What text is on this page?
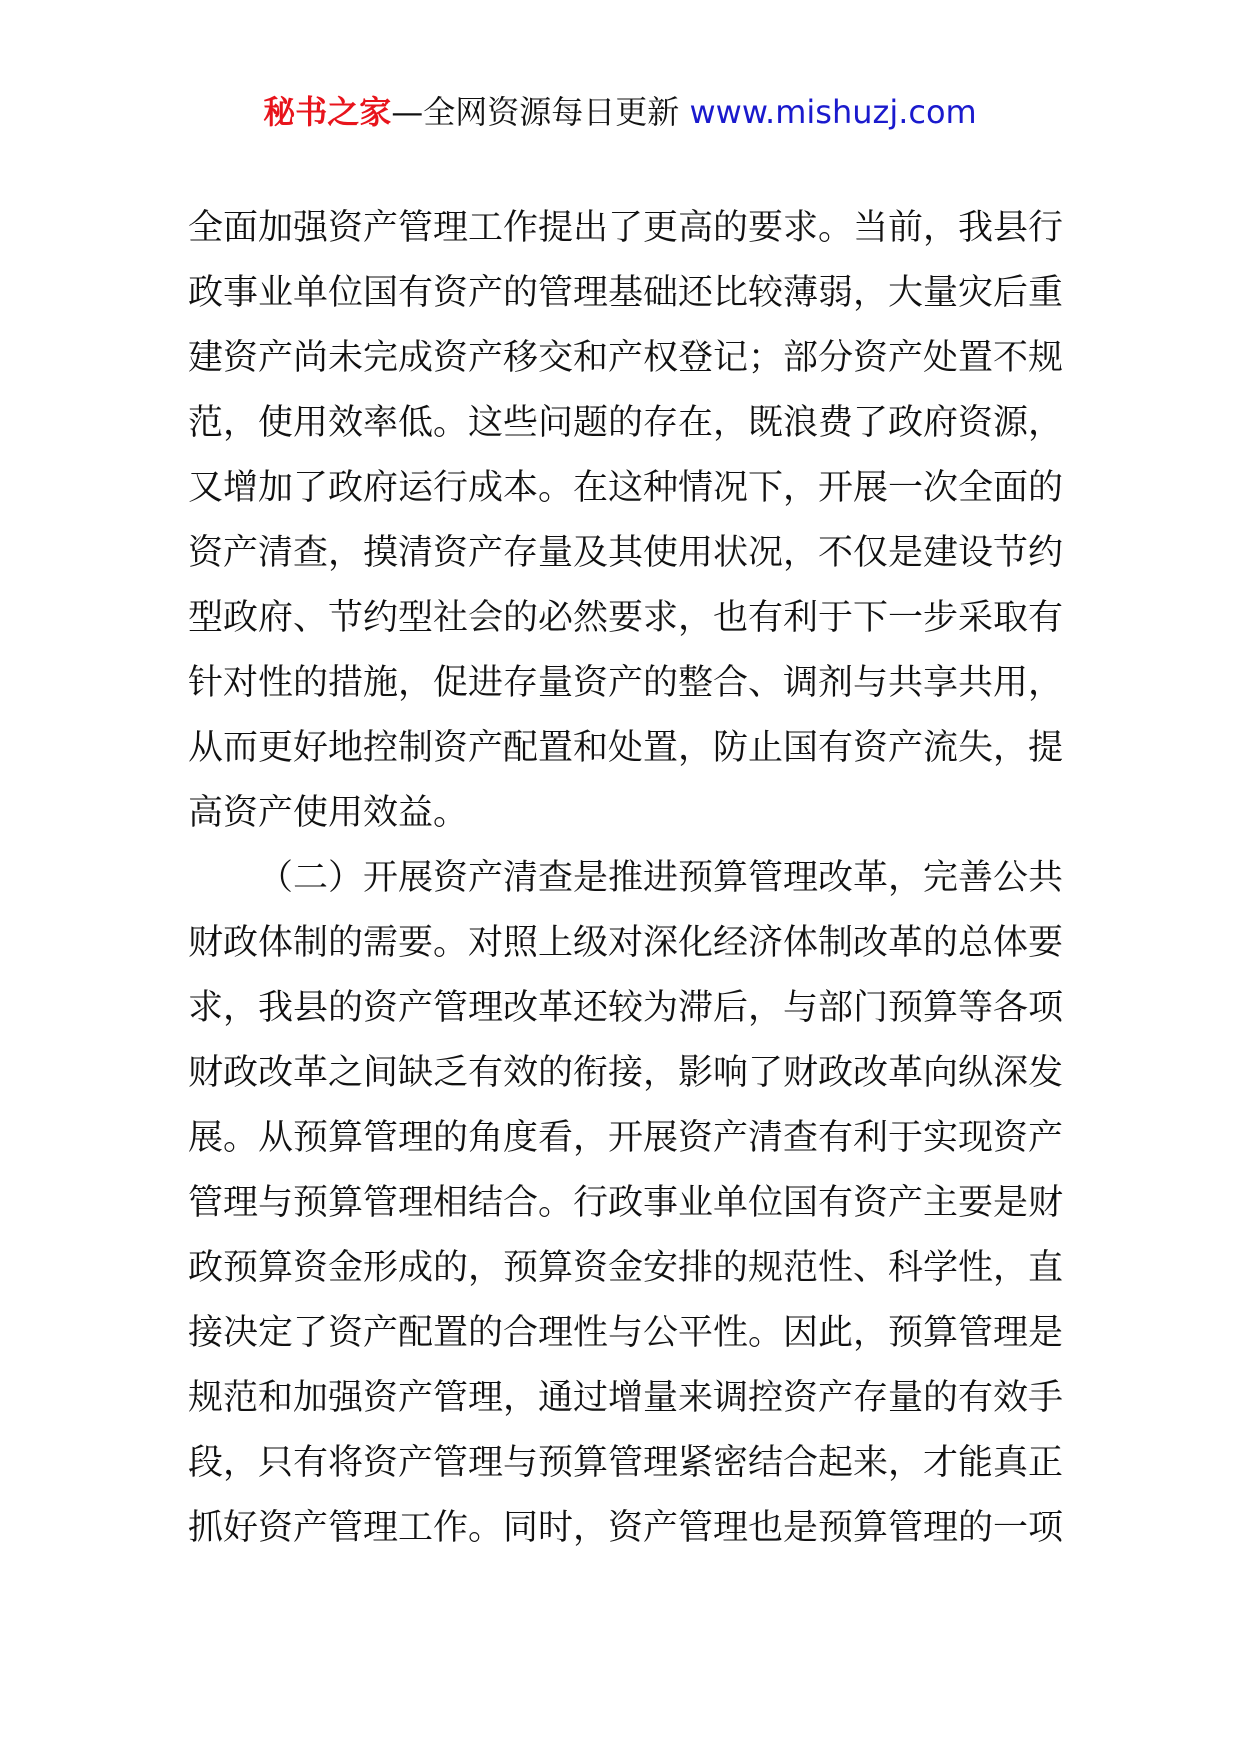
秘书之家—全网资源每日更新 www.mishuzj.com
全面加强资产管理工作提出了更高的要求。当前，我县行
政事业单位国有资产的管理基础还比较薄弱，大量灾后重
建资产尚未完成资产移交和产权登记；部分资产处置不规
范，使用效率低。这些问题的存在，既浪费了政府资源，
又增加了政府运行成本。在这种情况下，开展一次全面的
资产清查，摸清资产存量及其使用状况，不仅是建设节约
型政府、节约型社会的必然要求，也有利于下一步采取有
针对性的措施，促进存量资产的整合、调剂与共享共用，
从而更好地控制资产配置和处置，防止国有资产流失，提
高资产使用效益。
（二）开展资产清查是推进预算管理改革，完善公共
财政体制的需要。对照上级对深化经济体制改革的总体要
求，我县的资产管理改革还较为滞后，与部门预算等各项
财政改革之间缺乏有效的衔接，影响了财政改革向纵深发
展。从预算管理的角度看，开展资产清查有利于实现资产
管理与预算管理相结合。行政事业单位国有资产主要是财
政预算资金形成的，预算资金安排的规范性、科学性，直
接决定了资产配置的合理性与公平性。因此，预算管理是
规范和加强资产管理，通过增量来调控资产存量的有效手
段，只有将资产管理与预算管理紧密结合起来，才能真正
抓好资产管理工作。同时，资产管理也是预算管理的一项
